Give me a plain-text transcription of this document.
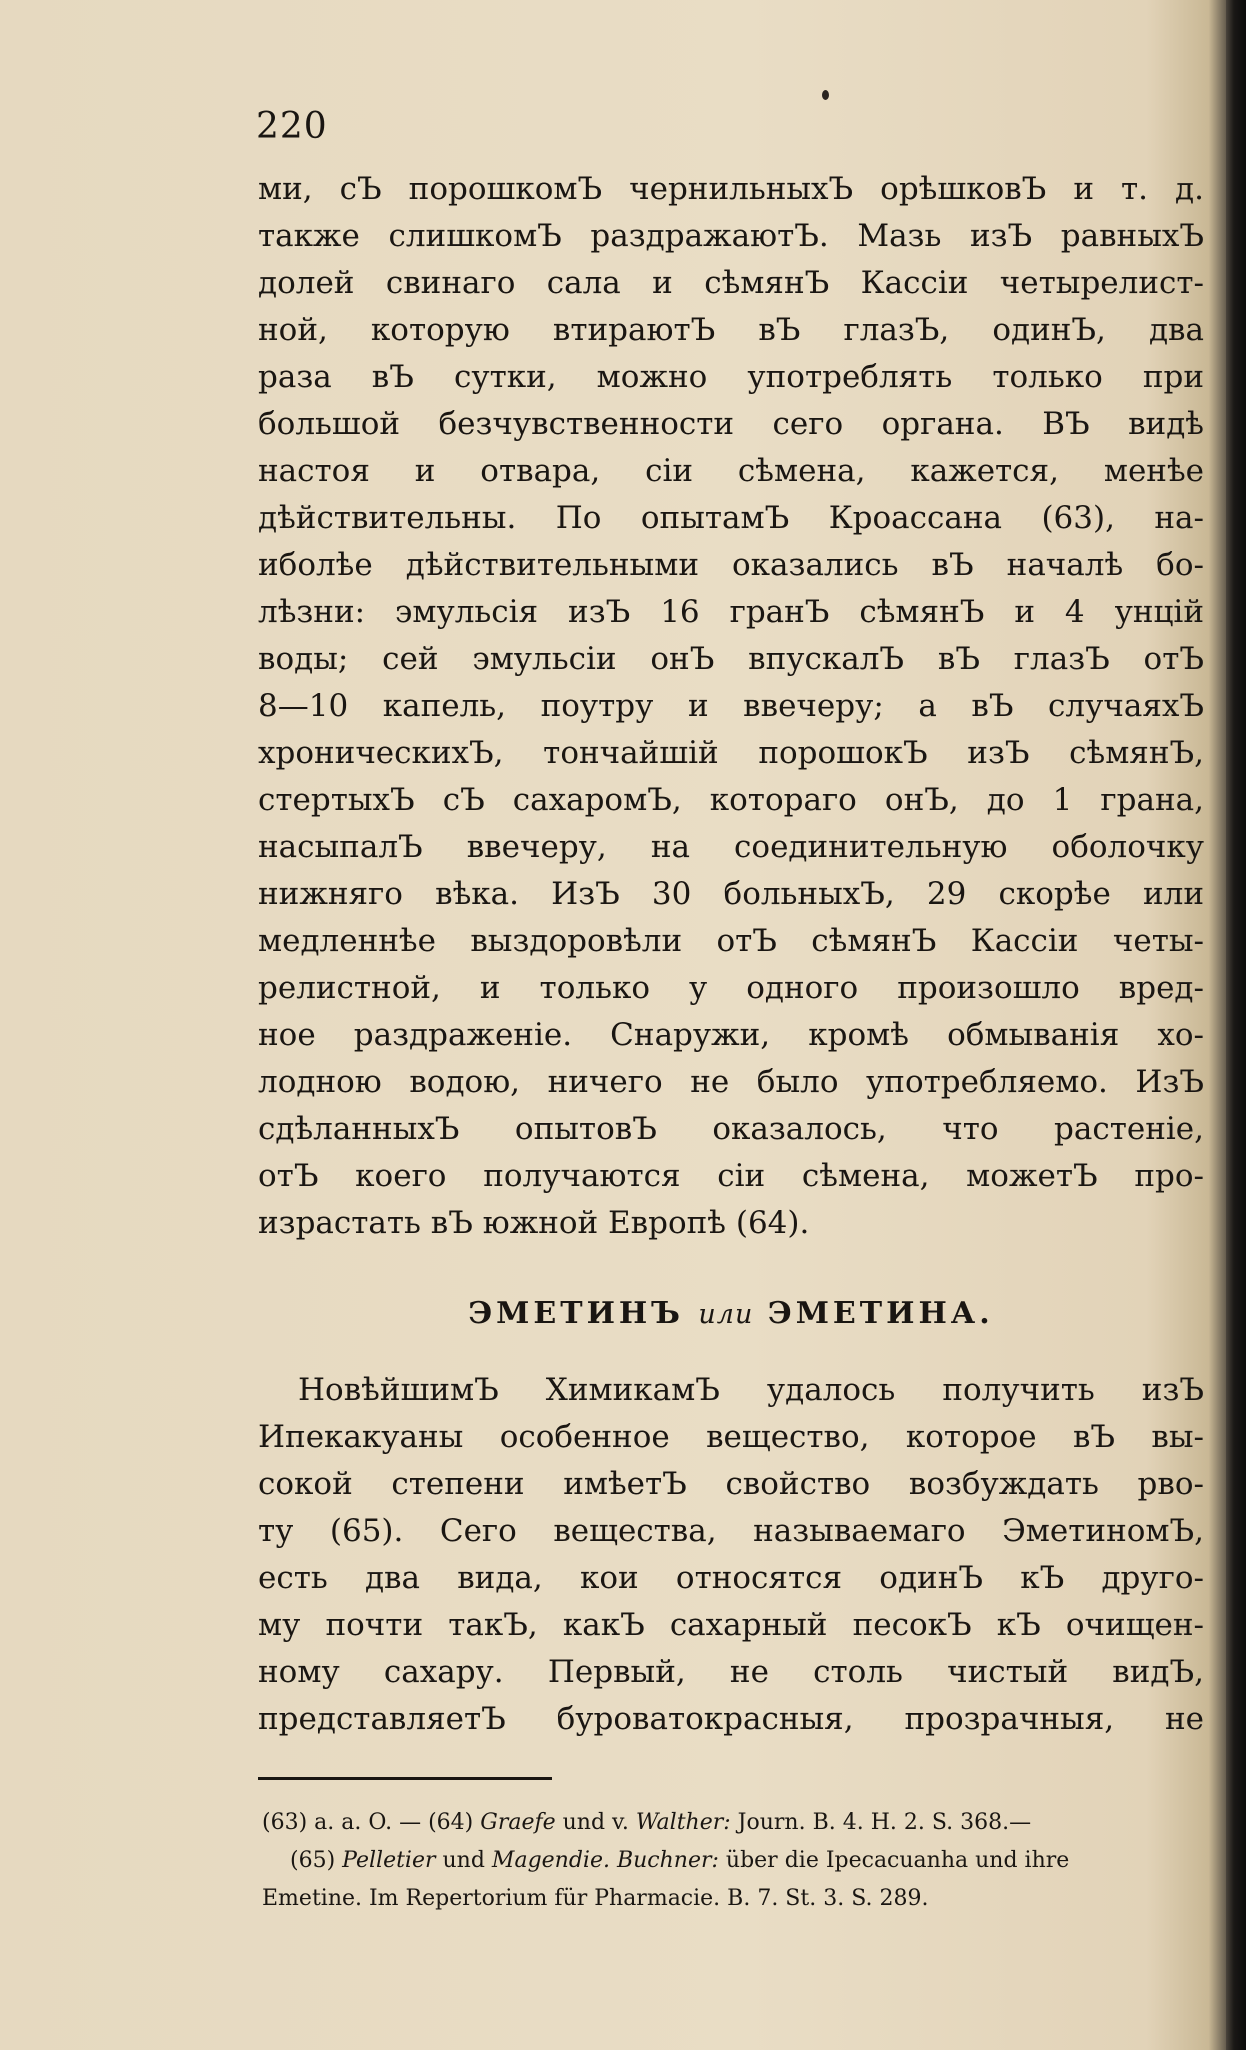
220
ми, сЪ порошкомЪ чернильныхЪ орѣшковЪ и т. д.
также слишкомЪ раздражаютЪ. Мазь изЪ равныхЪ
долей свинаго сала и сѣмянЪ Кассіи четырелист-
ной, которую втираютЪ вЪ глазЪ, одинЪ, два
раза вЪ сутки, можно употреблять только при
большой безчувственности сего органа. ВЪ видѣ
настоя и отвара, сіи сѣмена, кажется, менѣе
дѣйствительны. По опытамЪ Кроассана (63), на-
иболѣе дѣйствительными оказались вЪ началѣ бо-
лѣзни: эмульсія изЪ 16 гранЪ сѣмянЪ и 4 унцій
воды; сей эмульсіи онЪ впускалЪ вЪ глазЪ отЪ
8—10 капель, поутру и ввечеру; а вЪ случаяхЪ
хроническихЪ, тончайшій порошокЪ изЪ сѣмянЪ,
стертыхЪ сЪ сахаромЪ, котораго онЪ, до 1 грана,
насыпалЪ ввечеру, на соединительную оболочку
нижняго вѣка. ИзЪ 30 больныхЪ, 29 скорѣе или
медленнѣе выздоровѣли отЪ сѣмянЪ Кассіи четы-
релистной, и только у одного произошло вред-
ное раздраженіе. Снаружи, кромѣ обмыванія хо-
лодною водою, ничего не было употребляемо. ИзЪ
сдѣланныхЪ опытовЪ оказалось, что растеніе,
отЪ коего получаются сіи сѣмена, можетЪ про-
израстать вЪ южной Европѣ (64).
ЭМЕТИНЪ или ЭМЕТИНА.
НовѣйшимЪ ХимикамЪ удалось получить изЪ
Ипекакуаны особенное вещество, которое вЪ вы-
сокой степени имѣетЪ свойство возбуждать рво-
ту (65). Сего вещества, называемаго ЭметиномЪ,
есть два вида, кои относятся одинЪ кЪ друго-
му почти такЪ, какЪ сахарный песокЪ кЪ очищен-
ному сахару. Первый, не столь чистый видЪ,
представляетЪ буроватокрасныя, прозрачныя, не
(63) a. a. O. — (64) Graefe und v. Walther: Journ. B. 4. H. 2. S. 368.—
(65) Pelletier und Magendie. Buchner: über die Ipecacuanha und ihre
Emetine. Im Repertorium für Pharmacie. B. 7. St. 3. S. 289.
